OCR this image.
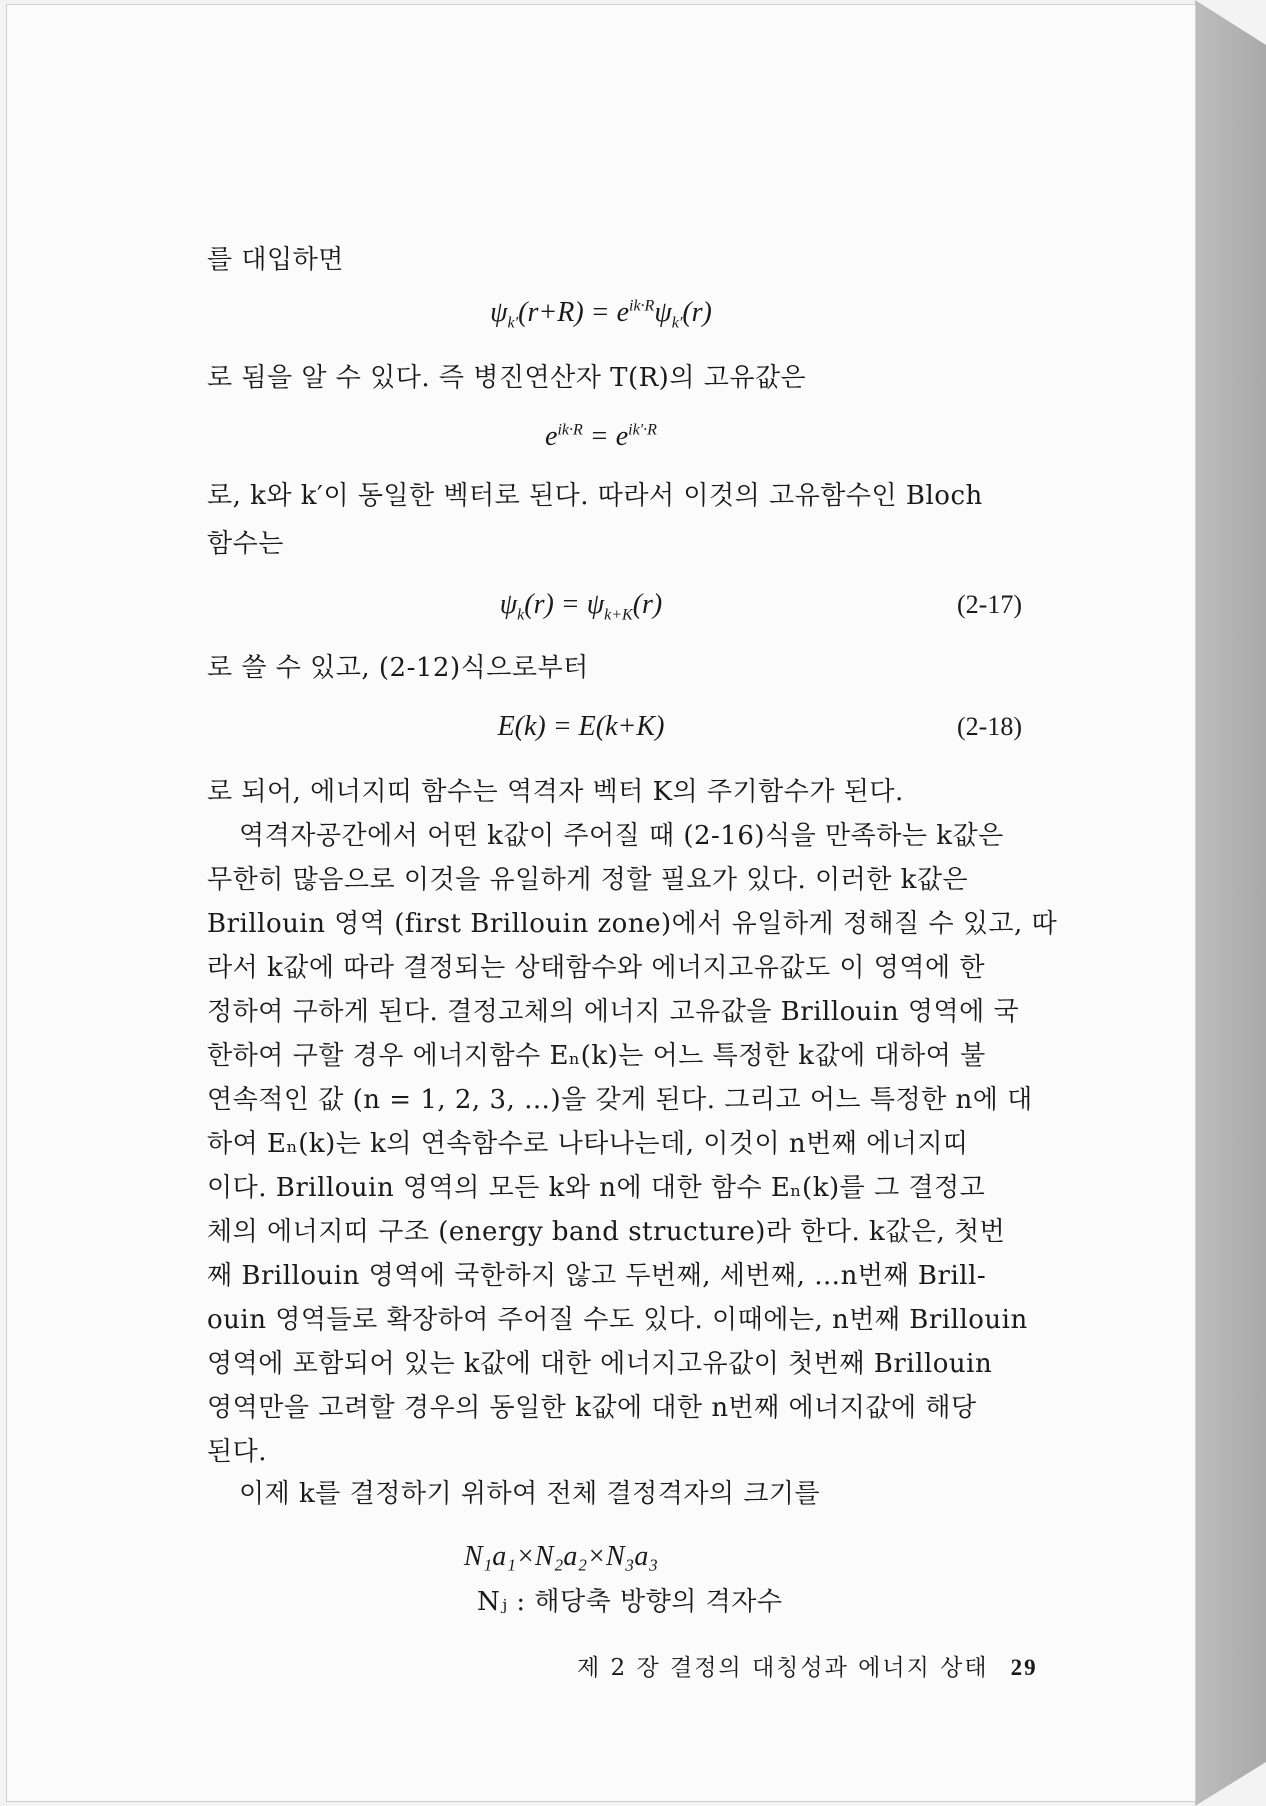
를 대입하면
$\psi_{k'}(r+R) = e^{ik\cdot R}\psi_{k'}(r)$
로 됨을 알 수 있다. 즉 병진연산자 T(R)의 고유값은
$e^{ik\cdot R} = e^{ik'\cdot R}$
로, k와 k′이 동일한 벡터로 된다. 따라서 이것의 고유함수인 Bloch
함수는
$\psi_k(r) = \psi_{k+K}(r)$	(2-17)
로 쓸 수 있고, (2-12)식으로부터
E(k) = E(k+K)	(2-18)
로 되어, 에너지띠 함수는 역격자 벡터 K의 주기함수가 된다.
역격자공간에서 어떤 k값이 주어질 때 (2-16)식을 만족하는 k값은
무한히 많음으로 이것을 유일하게 정할 필요가 있다. 이러한 k값은
Brillouin 영역 (first Brillouin zone)에서 유일하게 정해질 수 있고, 따
라서 k값에 따라 결정되는 상태함수와 에너지고유값도 이 영역에 한
정하여 구하게 된다. 결정고체의 에너지 고유값을 Brillouin 영역에 국
한하여 구할 경우 에너지함수 Eₙ(k)는 어느 특정한 k값에 대하여 불
연속적인 값 (n = 1, 2, 3, …)을 갖게 된다. 그리고 어느 특정한 n에 대
하여 Eₙ(k)는 k의 연속함수로 나타나는데, 이것이 n번째 에너지띠
이다. Brillouin 영역의 모든 k와 n에 대한 함수 Eₙ(k)를 그 결정고
체의 에너지띠 구조 (energy band structure)라 한다. k값은, 첫번
째 Brillouin 영역에 국한하지 않고 두번째, 세번째, …n번째 Brill-
ouin 영역들로 확장하여 주어질 수도 있다. 이때에는, n번째 Brillouin
영역에 포함되어 있는 k값에 대한 에너지고유값이 첫번째 Brillouin
영역만을 고려할 경우의 동일한 k값에 대한 n번째 에너지값에 해당
된다.
이제 k를 결정하기 위하여 전체 결정격자의 크기를
N₁a₁×N₂a₂×N₃a₃
Nⱼ : 해당축 방향의 격자수
제 2 장 결정의 대칭성과 에너지 상태 29
